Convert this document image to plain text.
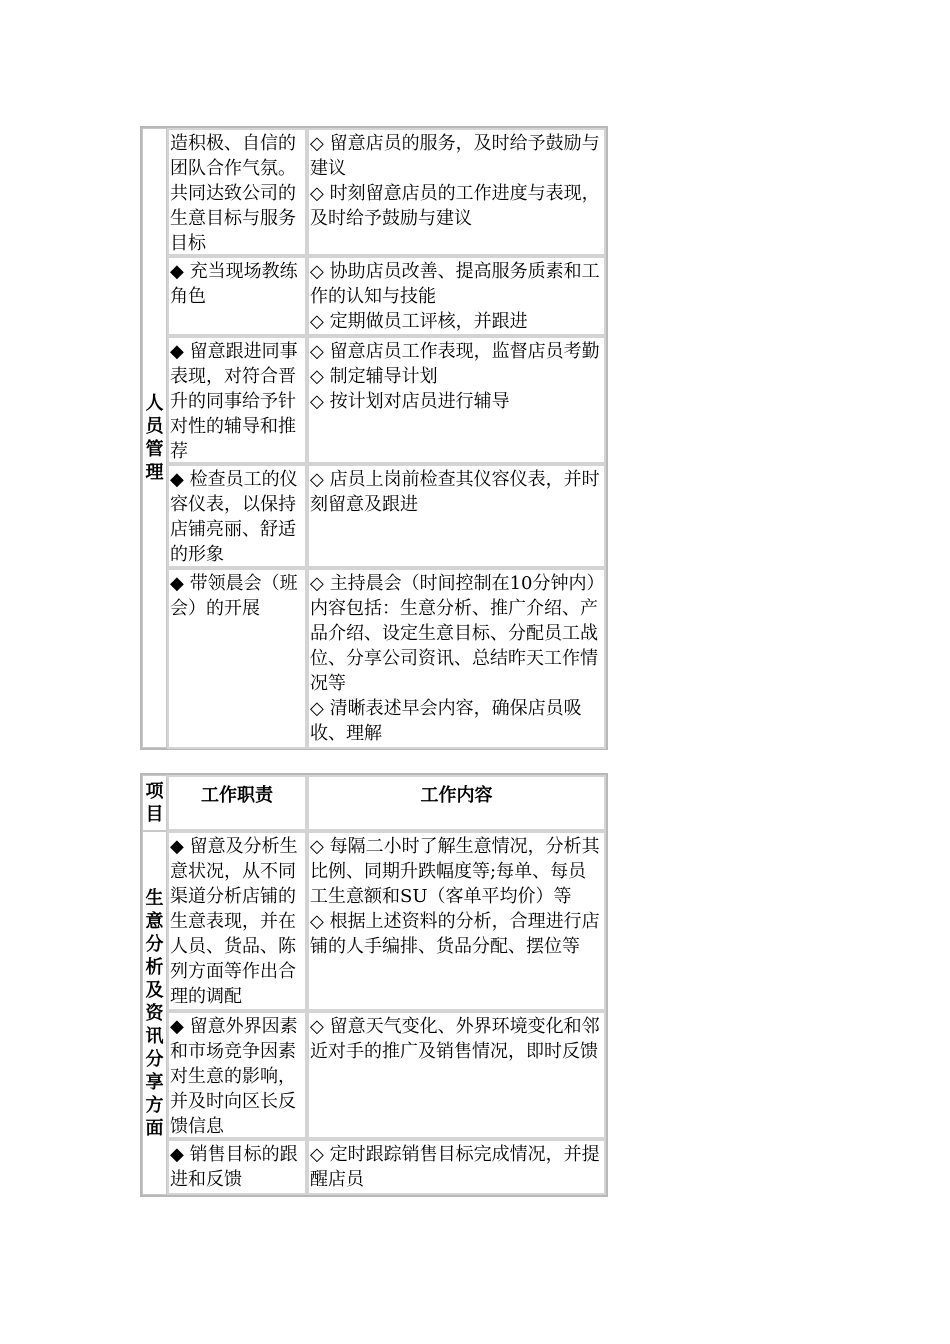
人员管理
造积极、自信的团队合作气氛。共同达致公司的生意目标与服务目标
◇ 留意店员的服务，及时给予鼓励与建议
◇ 时刻留意店员的工作进度与表现，及时给予鼓励与建议
◆ 充当现场教练角色
◇ 协助店员改善、提高服务质素和工作的认知与技能
◇ 定期做员工评核，并跟进
◆ 留意跟进同事表现，对符合晋升的同事给予针对性的辅导和推荐
◇ 留意店员工作表现，监督店员考勤
◇ 制定辅导计划
◇ 按计划对店员进行辅导
◆ 检查员工的仪容仪表，以保持店铺亮丽、舒适的形象
◇ 店员上岗前检查其仪容仪表，并时刻留意及跟进
◆ 带领晨会（班会）的开展
◇ 主持晨会（时间控制在10分钟内）内容包括：生意分析、推广介绍、产品介绍、设定生意目标、分配员工战位、分享公司资讯、总结昨天工作情况等
◇ 清晰表述早会内容，确保店员吸收、理解
项目
工作职责	工作内容
生意分析及资讯分享方面
◆ 留意及分析生意状况，从不同渠道分析店铺的生意表现，并在人员、货品、陈列方面等作出合理的调配
◇ 每隔二小时了解生意情况，分析其比例、同期升跌幅度等;每单、每员工生意额和SU（客单平均价）等
◇ 根据上述资料的分析，合理进行店铺的人手编排、货品分配、摆位等
◆ 留意外界因素和市场竞争因素对生意的影响，并及时向区长反馈信息
◇ 留意天气变化、外界环境变化和邻近对手的推广及销售情况，即时反馈
◆ 销售目标的跟进和反馈
◇ 定时跟踪销售目标完成情况，并提醒店员
